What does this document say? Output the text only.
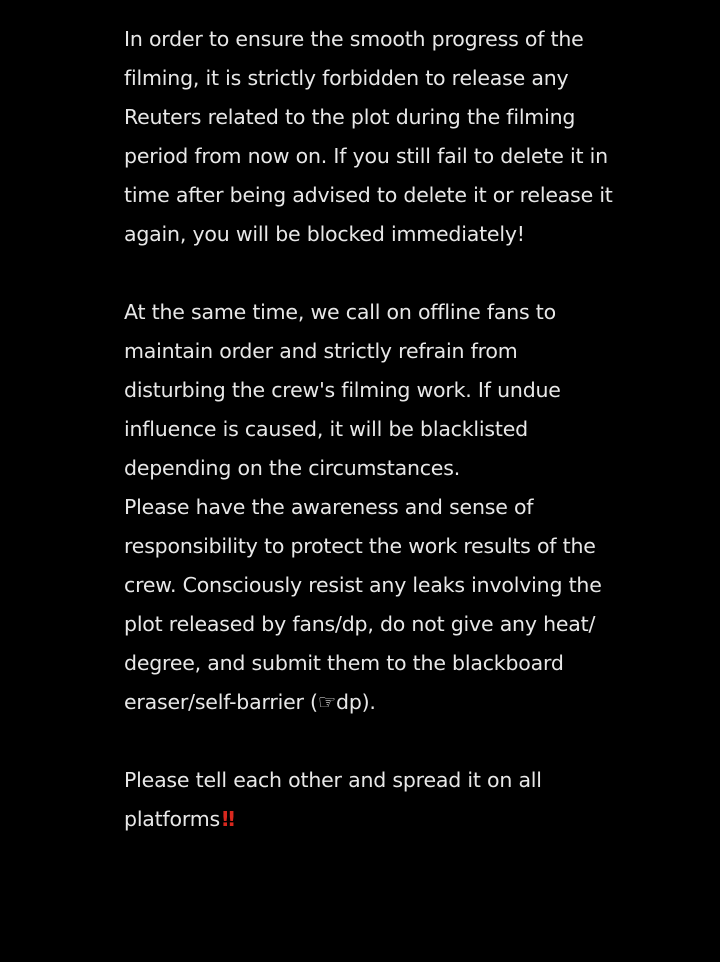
In order to ensure the smooth progress of the
filming, it is strictly forbidden to release any
Reuters related to the plot during the filming
period from now on. If you still fail to delete it in
time after being advised to delete it or release it
again, you will be blocked immediately!
At the same time, we call on offline fans to
maintain order and strictly refrain from
disturbing the crew's filming work. If undue
influence is caused, it will be blacklisted
depending on the circumstances.
Please have the awareness and sense of
responsibility to protect the work results of the
crew. Consciously resist any leaks involving the
plot released by fans/dp, do not give any heat/
degree, and submit them to the blackboard
eraser/self-barrier (☞dp).
Please tell each other and spread it on all
platforms‼
